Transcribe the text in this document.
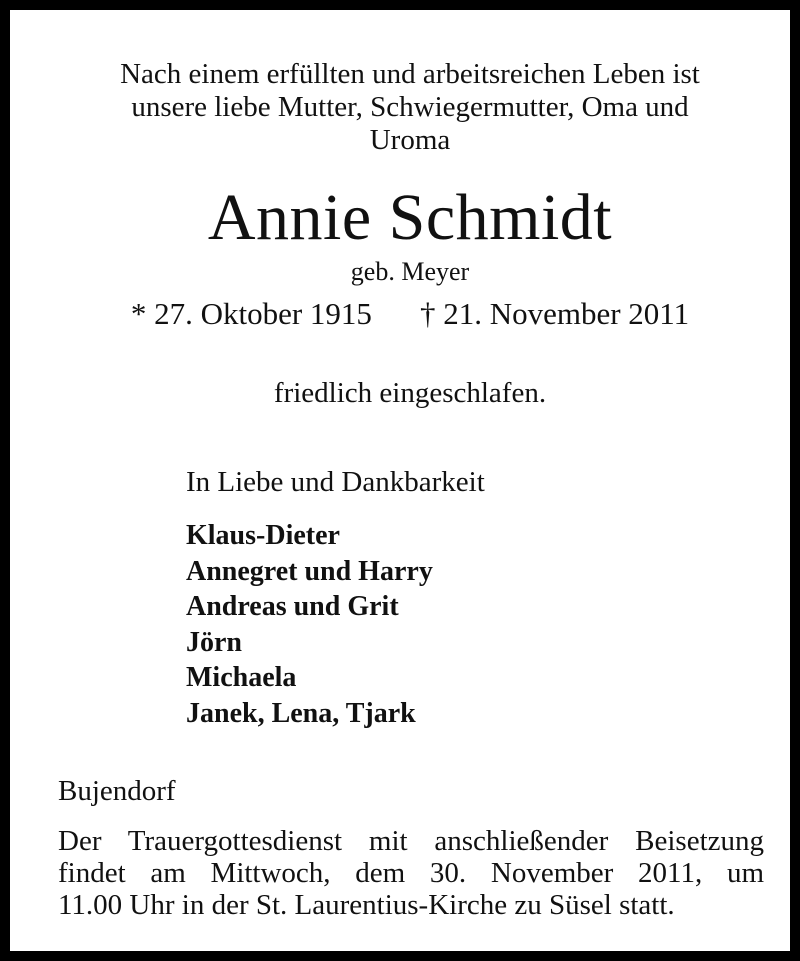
Nach einem erfüllten und arbeitsreichen Leben ist
unsere liebe Mutter, Schwiegermutter, Oma und
Uroma
Annie Schmidt
geb. Meyer
* 27. Oktober 1915 † 21. November 2011
friedlich eingeschlafen.
In Liebe und Dankbarkeit
Klaus-Dieter
Annegret und Harry
Andreas und Grit
Jörn
Michaela
Janek, Lena, Tjark
Bujendorf
Der Trauergottesdienst mit anschließender Beisetzung
findet am Mittwoch, dem 30. November 2011, um
11.00 Uhr in der St. Laurentius-Kirche zu Süsel statt.
